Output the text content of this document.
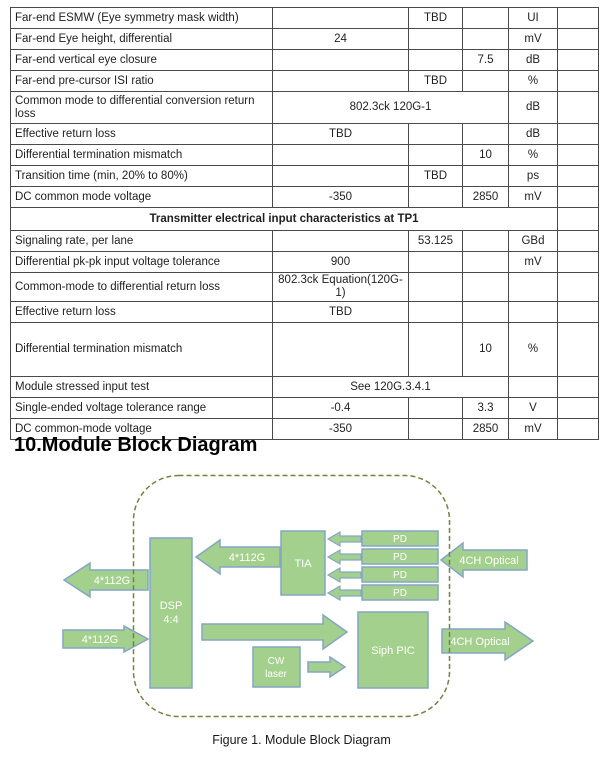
Far-end ESMW (Eye symmetry mask width)		TBD		UI	
Far-end Eye height, differential	24			mV	
Far-end vertical eye closure			7.5	dB	
Far-end pre-cursor ISI ratio		TBD		%	
Common mode to differential conversion return loss	802.3ck 120G-1			dB	
Effective return loss	TBD			dB	
Differential termination mismatch			10	%	
Transition time (min, 20% to 80%)		TBD		ps	
DC common mode voltage	-350		2850	mV	
Transmitter electrical input characteristics at TP1					
Signaling rate, per lane		53.125		GBd	
Differential pk-pk input voltage tolerance	900			mV	
Common-mode to differential return loss	802.3ck Equation(120G-1)				
Effective return loss	TBD				
Differential termination mismatch			10	%	
Module stressed input test	See 120G.3.4.1				
Single-ended voltage tolerance range	-0.4		3.3	V	
DC common-mode voltage	-350		2850	mV	
10.Module Block Diagram
DSP
4:4
TIA
PD
PD
PD
PD
CW
laser
Siph PIC
4*112G
4*112G
4*112G
4CH Optical
4CH Optical
Figure 1. Module Block Diagram
